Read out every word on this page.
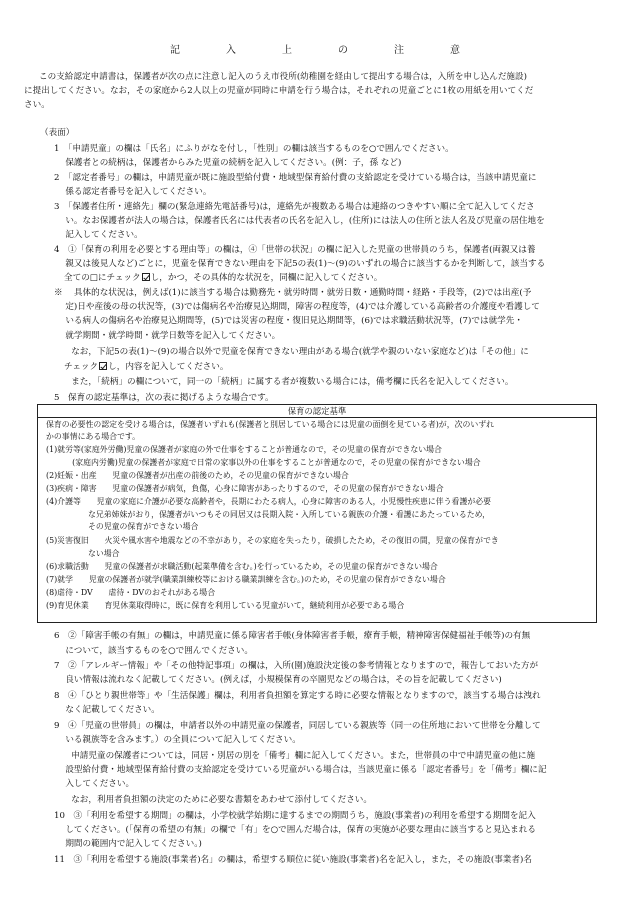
記　入　上　の　注　意
この支給認定申請書は，保護者が次の点に注意し記入のうえ市役所(幼稚園を経由して提出する場合は，入所を申し込んだ施設)
に提出してください。なお，その家庭から2人以上の児童が同時に申請を行う場合は，それぞれの児童ごとに1枚の用紙を用いてくだ
さい。
（表面）
1　「申請児童」の欄は「氏名」にふりがなを付し，「性別」の欄は該当するものを○で囲んでください。
　 保護者との続柄は，保護者からみた児童の続柄を記入してください。(例：子，孫 など)
2　「認定者番号」の欄は，申請児童が既に施設型給付費・地域型保育給付費の支給認定を受けている場合は，当該申請児童に
　 係る認定者番号を記入してください。
3　「保護者住所・連絡先」欄の(緊急連絡先電話番号)は，連絡先が複数ある場合は連絡のつきやすい順に全て記入してくださ
　 い。なお保護者が法人の場合は，保護者氏名には代表者の氏名を記入し，(住所)には法人の住所と法人名及び児童の居住地を
　 記入してください。
4　①「保育の利用を必要とする理由等」の欄は，④「世帯の状況」の欄に記入した児童の世帯員のうち，保護者(両親又は養
　 親又は後見人など)ごとに，児童を保育できない理由を下記5の表(1)～(9)のいずれの場合に該当するかを判断して，該当する
全ての□にチェック し，かつ，その具体的な状況を，同欄に記入してください。
※　 具体的な状況は，例えば(1)に該当する場合は勤務先・就労時間・就労日数・通勤時間・経路・手段等，(2)では出産(予
　 定)日や産後の母の状況等，(3)では傷病名や治療見込期間，障害の程度等，(4)では介護している高齢者の介護度や看護して
　 いる病人の傷病名や治療見込期間等，(5)では災害の程度・復旧見込期間等，(6)では求職活動状況等，(7)では就学先・
　 就学期間・就学時間・就学日数等を記入してください。
　　なお，下記5の表(1)～(9)の場合以外で児童を保育できない理由がある場合(就学や親のいない家庭など)は「その他」に
チェック し，内容を記入してください。
　　また，「続柄」の欄について，同一の「続柄」に属する者が複数いる場合には，備考欄に氏名を記入してください。
5　保育の認定基準は，次の表に掲げるような場合です。
保育の認定基準
保育の必要性の認定を受ける場合は，保護者いずれも(保護者と別居している場合には児童の面倒を見ている者)が，次のいずれ
かの事情にある場合です。
(1)就労等(家庭外労働)児童の保護者が家庭の外で仕事をすることが普通なので，その児童の保育ができない場合
　　　 (家庭内労働)児童の保護者が家庭で日常の家事以外の仕事をすることが普通なので，その児童の保育ができない場合
(2)妊娠・出産　　児童の保護者が出産の前後のため，その児童の保育ができない場合
(3)疾病・障害　　児童の保護者が病気，負傷，心身に障害があったりするので，その児童の保育ができない場合
(4)介護等　　児童の家庭に介護が必要な高齢者や，長期にわたる病人，心身に障害のある人，小児慢性疾患に伴う看護が必要
　　　　　 な兄弟姉妹がおり，保護者がいつもその同居又は長期入院・入所している親族の介護・看護にあたっているため，
　　　　　 その児童の保育ができない場合
(5)災害復旧　　火災や風水害や地震などの不幸があり，その家庭を失ったり，破損したため，その復旧の間，児童の保育ができ
　　　　　 ない場合
(6)求職活動　　児童の保護者が求職活動(起業準備を含む。)を行っているため，その児童の保育ができない場合
(7)就学　　児童の保護者が就学(職業訓練校等における職業訓練を含む。)のため，その児童の保育ができない場合
(8)虐待・DV　　虐待・DVのおそれがある場合
(9)育児休業　　育児休業取得時に，既に保育を利用している児童がいて，継続利用が必要である場合
6　②「障害手帳の有無」の欄は，申請児童に係る障害者手帳(身体障害者手帳，療育手帳，精神障害保健福祉手帳等)の有無
　 について，該当するものを○で囲んでください。
7　②「アレルギー情報」や「その他特記事項」の欄は，入所(園)施設決定後の参考情報となりますので，報告しておいた方が
　 良い情報は流れなく記載してください。(例えば，小規模保育の卒園児などの場合は，その旨を記載してください)
8　④「ひとり親世帯等」や「生活保護」欄は，利用者負担額を算定する時に必要な情報となりますので，該当する場合は洩れ
　 なく記載してください。
9　④「児童の世帯員」の欄は，申請者以外の申請児童の保護者，同居している親族等（同一の住所地において世帯を分離して
　 いる親族等を含みます。）の全員について記入してください。
　　申請児童の保護者については，同居・別居の別を「備考」欄に記入してください。また，世帯員の中で申請児童の他に施
　 設型給付費・地域型保育給付費の支給認定を受けている児童がいる場合は，当該児童に係る「認定者番号」を「備考」欄に記
　 入してください。
　　なお，利用者負担額の決定のために必要な書類をあわせて添付してください。
10　③「利用を希望する期間」の欄は，小学校就学始期に達するまでの期間うち，施設(事業者)の利用を希望する期間を記入
　 してください。(「保育の希望の有無」の欄で「有」を○で囲んだ場合は，保育の実施が必要な理由に該当すると見込まれる
　 期間の範囲内で記入してください。)
11　③「利用を希望する施設(事業者)名」の欄は，希望する順位に従い施設(事業者)名を記入し，また，その施設(事業者)名
